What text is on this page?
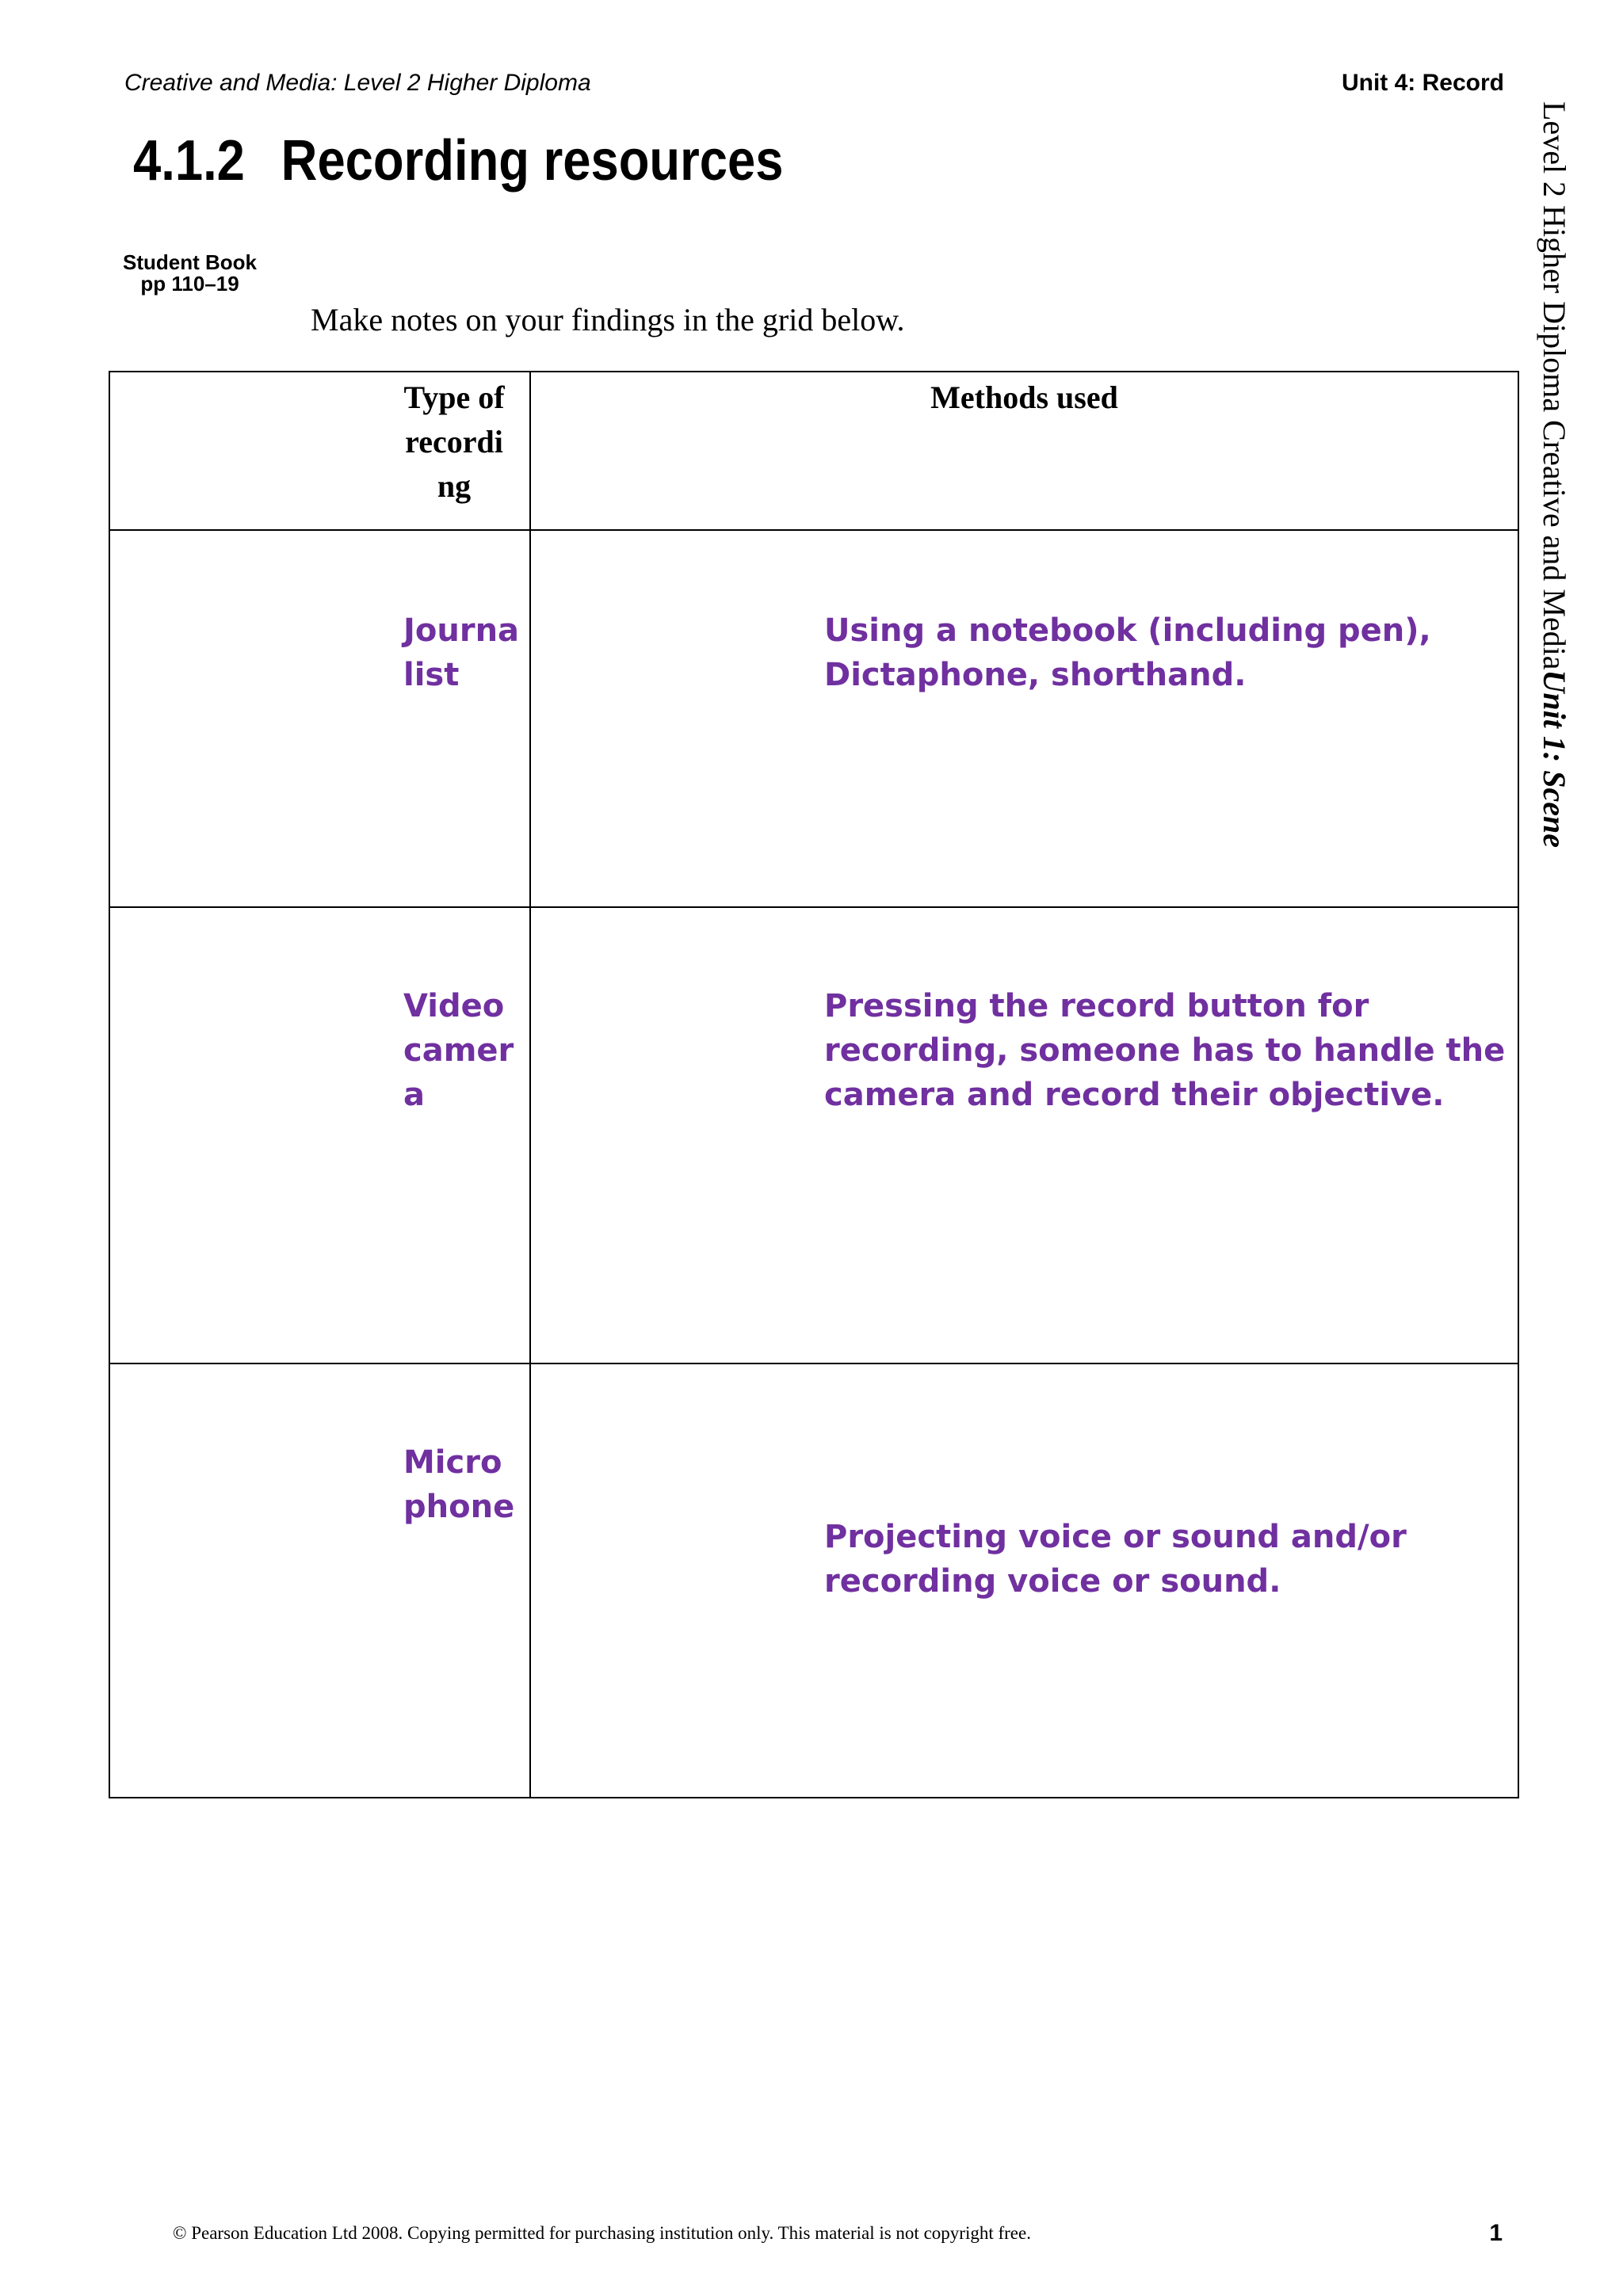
Creative and Media: Level 2 Higher Diploma	Unit 4: Record
Level 2 Higher Diploma Creative and MediaUnit 1: Scene
4.1.2 Recording resources
Student Book
pp 110–19
Make notes on your findings in the grid below.
Type of recordi ng	Methods used

Journa list	Using a notebook (including pen), Dictaphone, shorthand.

Video camer a	Pressing the record button for recording, someone has to handle the camera and record their objective.

Micro phone	Projecting voice or sound and/or recording voice or sound.
© Pearson Education Ltd 2008. Copying permitted for purchasing institution only. This material is not copyright free.	1
